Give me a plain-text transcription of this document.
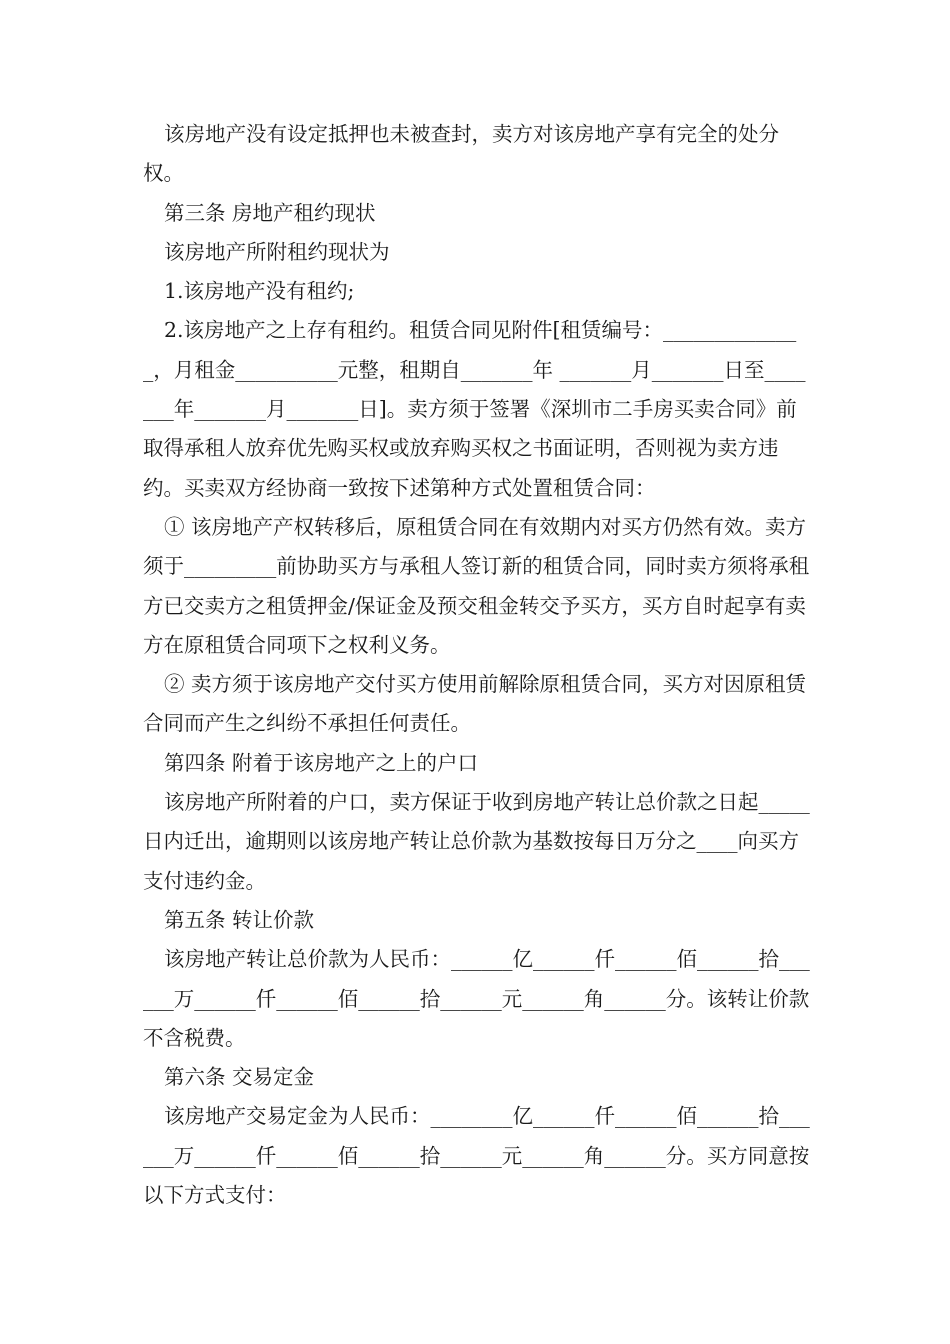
该房地产没有设定抵押也未被查封，卖方对该房地产享有完全的处分权。

第三条 房地产租约现状

该房地产所附租约现状为

1.该房地产没有租约;

2.该房地产之上存有租约。租赁合同见附件[租赁编号：______________，月租金__________元整，租期自_______年 _______月_______日至_______年_______月_______日]。卖方须于签署《深圳市二手房买卖合同》前取得承租人放弃优先购买权或放弃购买权之书面证明，否则视为卖方违约。买卖双方经协商一致按下述第种方式处置租赁合同：

① 该房地产产权转移后，原租赁合同在有效期内对买方仍然有效。卖方须于_________前协助买方与承租人签订新的租赁合同，同时卖方须将承租方已交卖方之租赁押金/保证金及预交租金转交予买方，买方自时起享有卖方在原租赁合同项下之权利义务。

② 卖方须于该房地产交付买方使用前解除原租赁合同，买方对因原租赁合同而产生之纠纷不承担任何责任。

第四条 附着于该房地产之上的户口

该房地产所附着的户口，卖方保证于收到房地产转让总价款之日起_____日内迁出，逾期则以该房地产转让总价款为基数按每日万分之____向买方支付违约金。

第五条 转让价款

该房地产转让总价款为人民币：______亿______仟______佰______拾______万______仟______佰______拾______元______角______分。该转让价款不含税费。

第六条 交易定金

该房地产交易定金为人民币：________亿______仟______佰______拾______万______仟______佰______拾______元______角______分。买方同意按以下方式支付：
